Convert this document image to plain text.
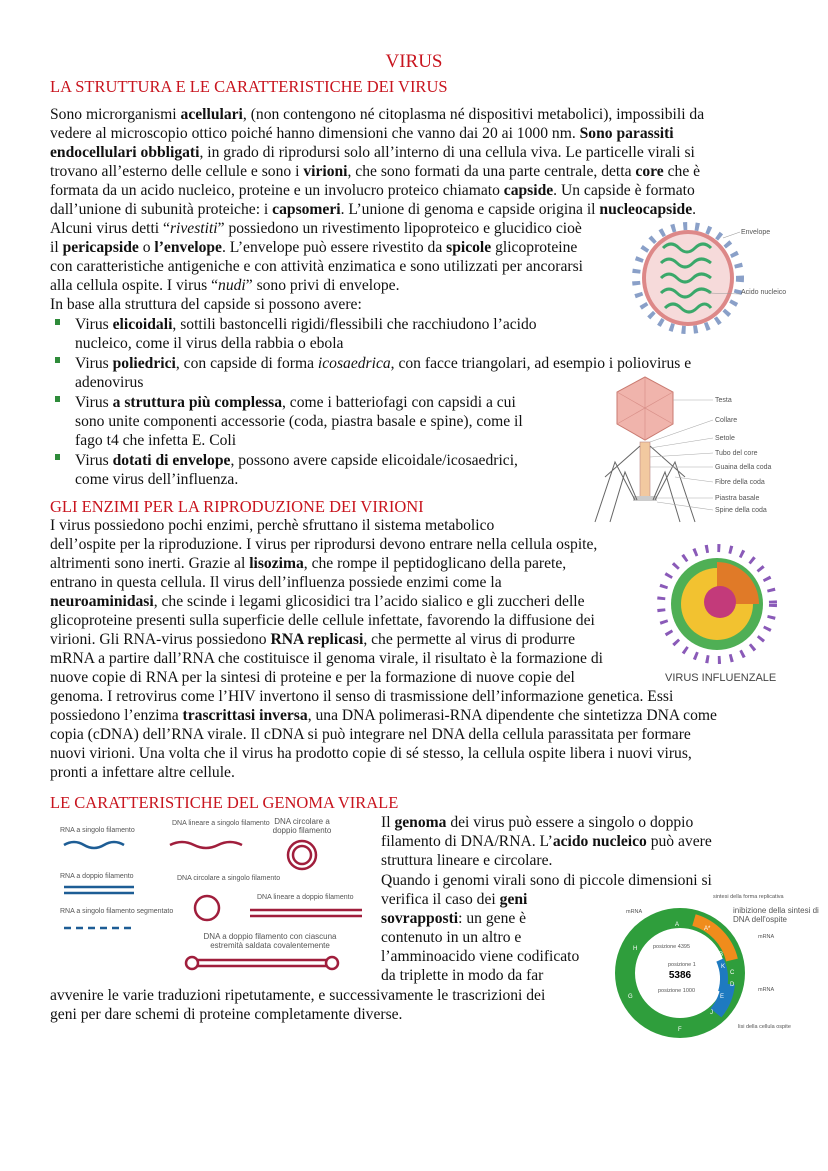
VIRUS
LA STRUTTURA E LE CARATTERISTICHE DEI VIRUS
GLI ENZIMI PER LA RIPRODUZIONE DEI VIRIONI
LE CARATTERISTICHE DEL GENOMA VIRALE
Sono microrganismi acellulari, (non contengono né citoplasma né dispositivi metabolici), impossibili da
vedere al microscopio ottico poiché hanno dimensioni che vanno dai 20 ai 1000 nm. Sono parassiti
endocellulari obbligati, in grado di riprodursi solo all’interno di una cellula viva. Le particelle virali si
trovano all’esterno delle cellule e sono i virioni, che sono formati da una parte centrale, detta core che è
formata da un acido nucleico, proteine e un involucro proteico chiamato capside. Un capside è formato
dall’unione di subunità proteiche: i capsomeri. L’unione di genoma e capside origina il nucleocapside.
Alcuni virus detti “rivestiti” possiedono un rivestimento lipoproteico e glucidico cioè
il pericapside o l’envelope. L’envelope può essere rivestito da spicole glicoproteine
con caratteristiche antigeniche e con attività enzimatica e sono utilizzati per ancorarsi
alla cellula ospite. I virus “nudi” sono privi di envelope.
In base alla struttura del capside si possono avere:
Virus elicoidali, sottili bastoncelli rigidi/flessibili che racchiudono l’acido
nucleico, come il virus della rabbia o ebola
Virus poliedrici, con capside di forma icosaedrica, con facce triangolari, ad esempio i poliovirus e
adenovirus
Virus a struttura più complessa, come i batteriofagi con capsidi a cui
sono unite componenti accessorie (coda, piastra basale e spine), come il
fago t4 che infetta E. Coli
Virus dotati di envelope, possono avere capside elicoidale/icosaedrici,
come virus dell’influenza.
I virus possiedono pochi enzimi, perchè sfruttano il sistema metabolico
dell’ospite per la riproduzione. I virus per riprodursi devono entrare nella cellula ospite,
altrimenti sono inerti. Grazie al lisozima, che rompe il peptidoglicano della parete,
entrano in questa cellula. Il virus dell’influenza possiede enzimi come la
neuroaminidasi, che scinde i legami glicosidici tra l’acido sialico e gli zuccheri delle
glicoproteine presenti sulla superficie delle cellule infettate, favorendo la diffusione dei
virioni. Gli RNA-virus possiedono RNA replicasi, che permette al virus di produrre
mRNA a partire dall’RNA che costituisce il genoma virale, il risultato è la formazione di
nuove copie di RNA per la sintesi di proteine e per la formazione di nuove copie del
genoma. I retrovirus come l’HIV invertono il senso di trasmissione dell’informazione genetica. Essi
possiedono l’enzima trascrittasi inversa, una DNA polimerasi-RNA dipendente che sintetizza DNA come
copia (cDNA) dell’RNA virale. Il cDNA si può integrare nel DNA della cellula parassitata per formare
nuovi virioni. Una volta che il virus ha prodotto copie di sé stesso, la cellula ospite libera i nuovi virus,
pronti a infettare altre cellule.
Il genoma dei virus può essere a singolo o doppio
filamento di DNA/RNA. L’acido nucleico può avere
struttura lineare e circolare.
Quando i genomi virali sono di piccole dimensioni si
verifica il caso dei geni
sovrapposti: un gene è
contenuto in un altro e
l’amminoacido viene codificato
da triplette in modo da far
avvenire le varie traduzioni ripetutamente, e successivamente le trascrizioni dei
geni per dare schemi di proteine completamente diverse.
Envelope
Acido nucleico
Testa
Collare
Setole
Tubo del core
Guaina della coda
Fibre della coda
Piastra basale
Spine della coda
VIRUS INFLUENZALE
RNA a singolo filamento
DNA lineare a singolo filamento
RNA a doppio filamento	DNA circolare a singolo filamento
DNA lineare a doppio filamento
RNA a singolo filamento segmentato
DNA circolare a doppio filamento
DNA a doppio filamento con ciascuna estremità saldata covalentemente
5386
A
A*
B
K
C
D
E
J
F
G
H
sintesi della forma replicativa
mRNA
mRNA
mRNA
posizione 4395
posizione 1
posizione 1000
lisi della cellula ospite
inibizione della sintesi di DNA dell'ospite
